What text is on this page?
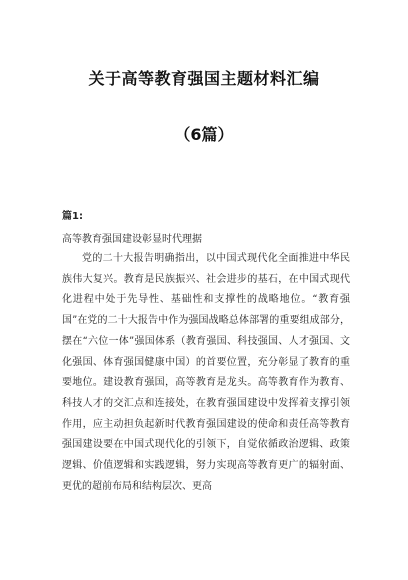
关于高等教育强国主题材料汇编
（6篇）
篇1:
高等教育强国建设彰显时代理据

党的二十大报告明确指出，以中国式现代化全面推进中华民族伟大复兴。教育是民族振兴、社会进步的基石，在中国式现代化进程中处于先导性、基础性和支撑性的战略地位。“教育强国”在党的二十大报告中作为强国战略总体部署的重要组成部分，摆在“六位一体”强国体系（教育强国、科技强国、人才强国、文化强国、体育强国健康中国）的首要位置，充分彰显了教育的重要地位。建设教育强国，高等教育是龙头。高等教育作为教育、科技人才的交汇点和连接处，在教育强国建设中发挥着支撑引领作用，应主动担负起新时代教育强国建设的使命和责任高等教育强国建设要在中国式现代化的引领下，自觉依循政治逻辑、政策逻辑、价值逻辑和实践逻辑，努力实现高等教育更广的辐射面、更优的超前布局和结构层次、更高
